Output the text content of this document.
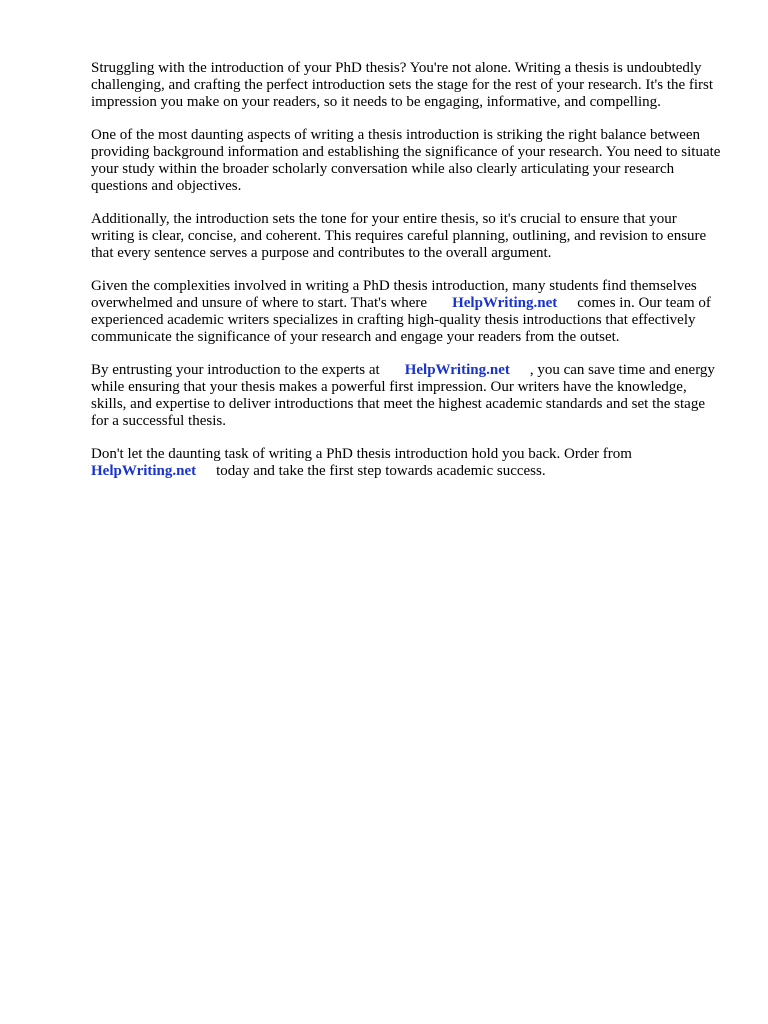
Struggling with the introduction of your PhD thesis? You're not alone. Writing a thesis is undoubtedly challenging, and crafting the perfect introduction sets the stage for the rest of your research. It's the first impression you make on your readers, so it needs to be engaging, informative, and compelling.

One of the most daunting aspects of writing a thesis introduction is striking the right balance between providing background information and establishing the significance of your research. You need to situate your study within the broader scholarly conversation while also clearly articulating your research questions and objectives.

Additionally, the introduction sets the tone for your entire thesis, so it's crucial to ensure that your writing is clear, concise, and coherent. This requires careful planning, outlining, and revision to ensure that every sentence serves a purpose and contributes to the overall argument.

Given the complexities involved in writing a PhD thesis introduction, many students find themselves overwhelmed and unsure of where to start. That's where HelpWriting.net comes in. Our team of experienced academic writers specializes in crafting high-quality thesis introductions that effectively communicate the significance of your research and engage your readers from the outset.

By entrusting your introduction to the experts at HelpWriting.net , you can save time and energy while ensuring that your thesis makes a powerful first impression. Our writers have the knowledge, skills, and expertise to deliver introductions that meet the highest academic standards and set the stage for a successful thesis.

Don't let the daunting task of writing a PhD thesis introduction hold you back. Order from HelpWriting.net today and take the first step towards academic success.
